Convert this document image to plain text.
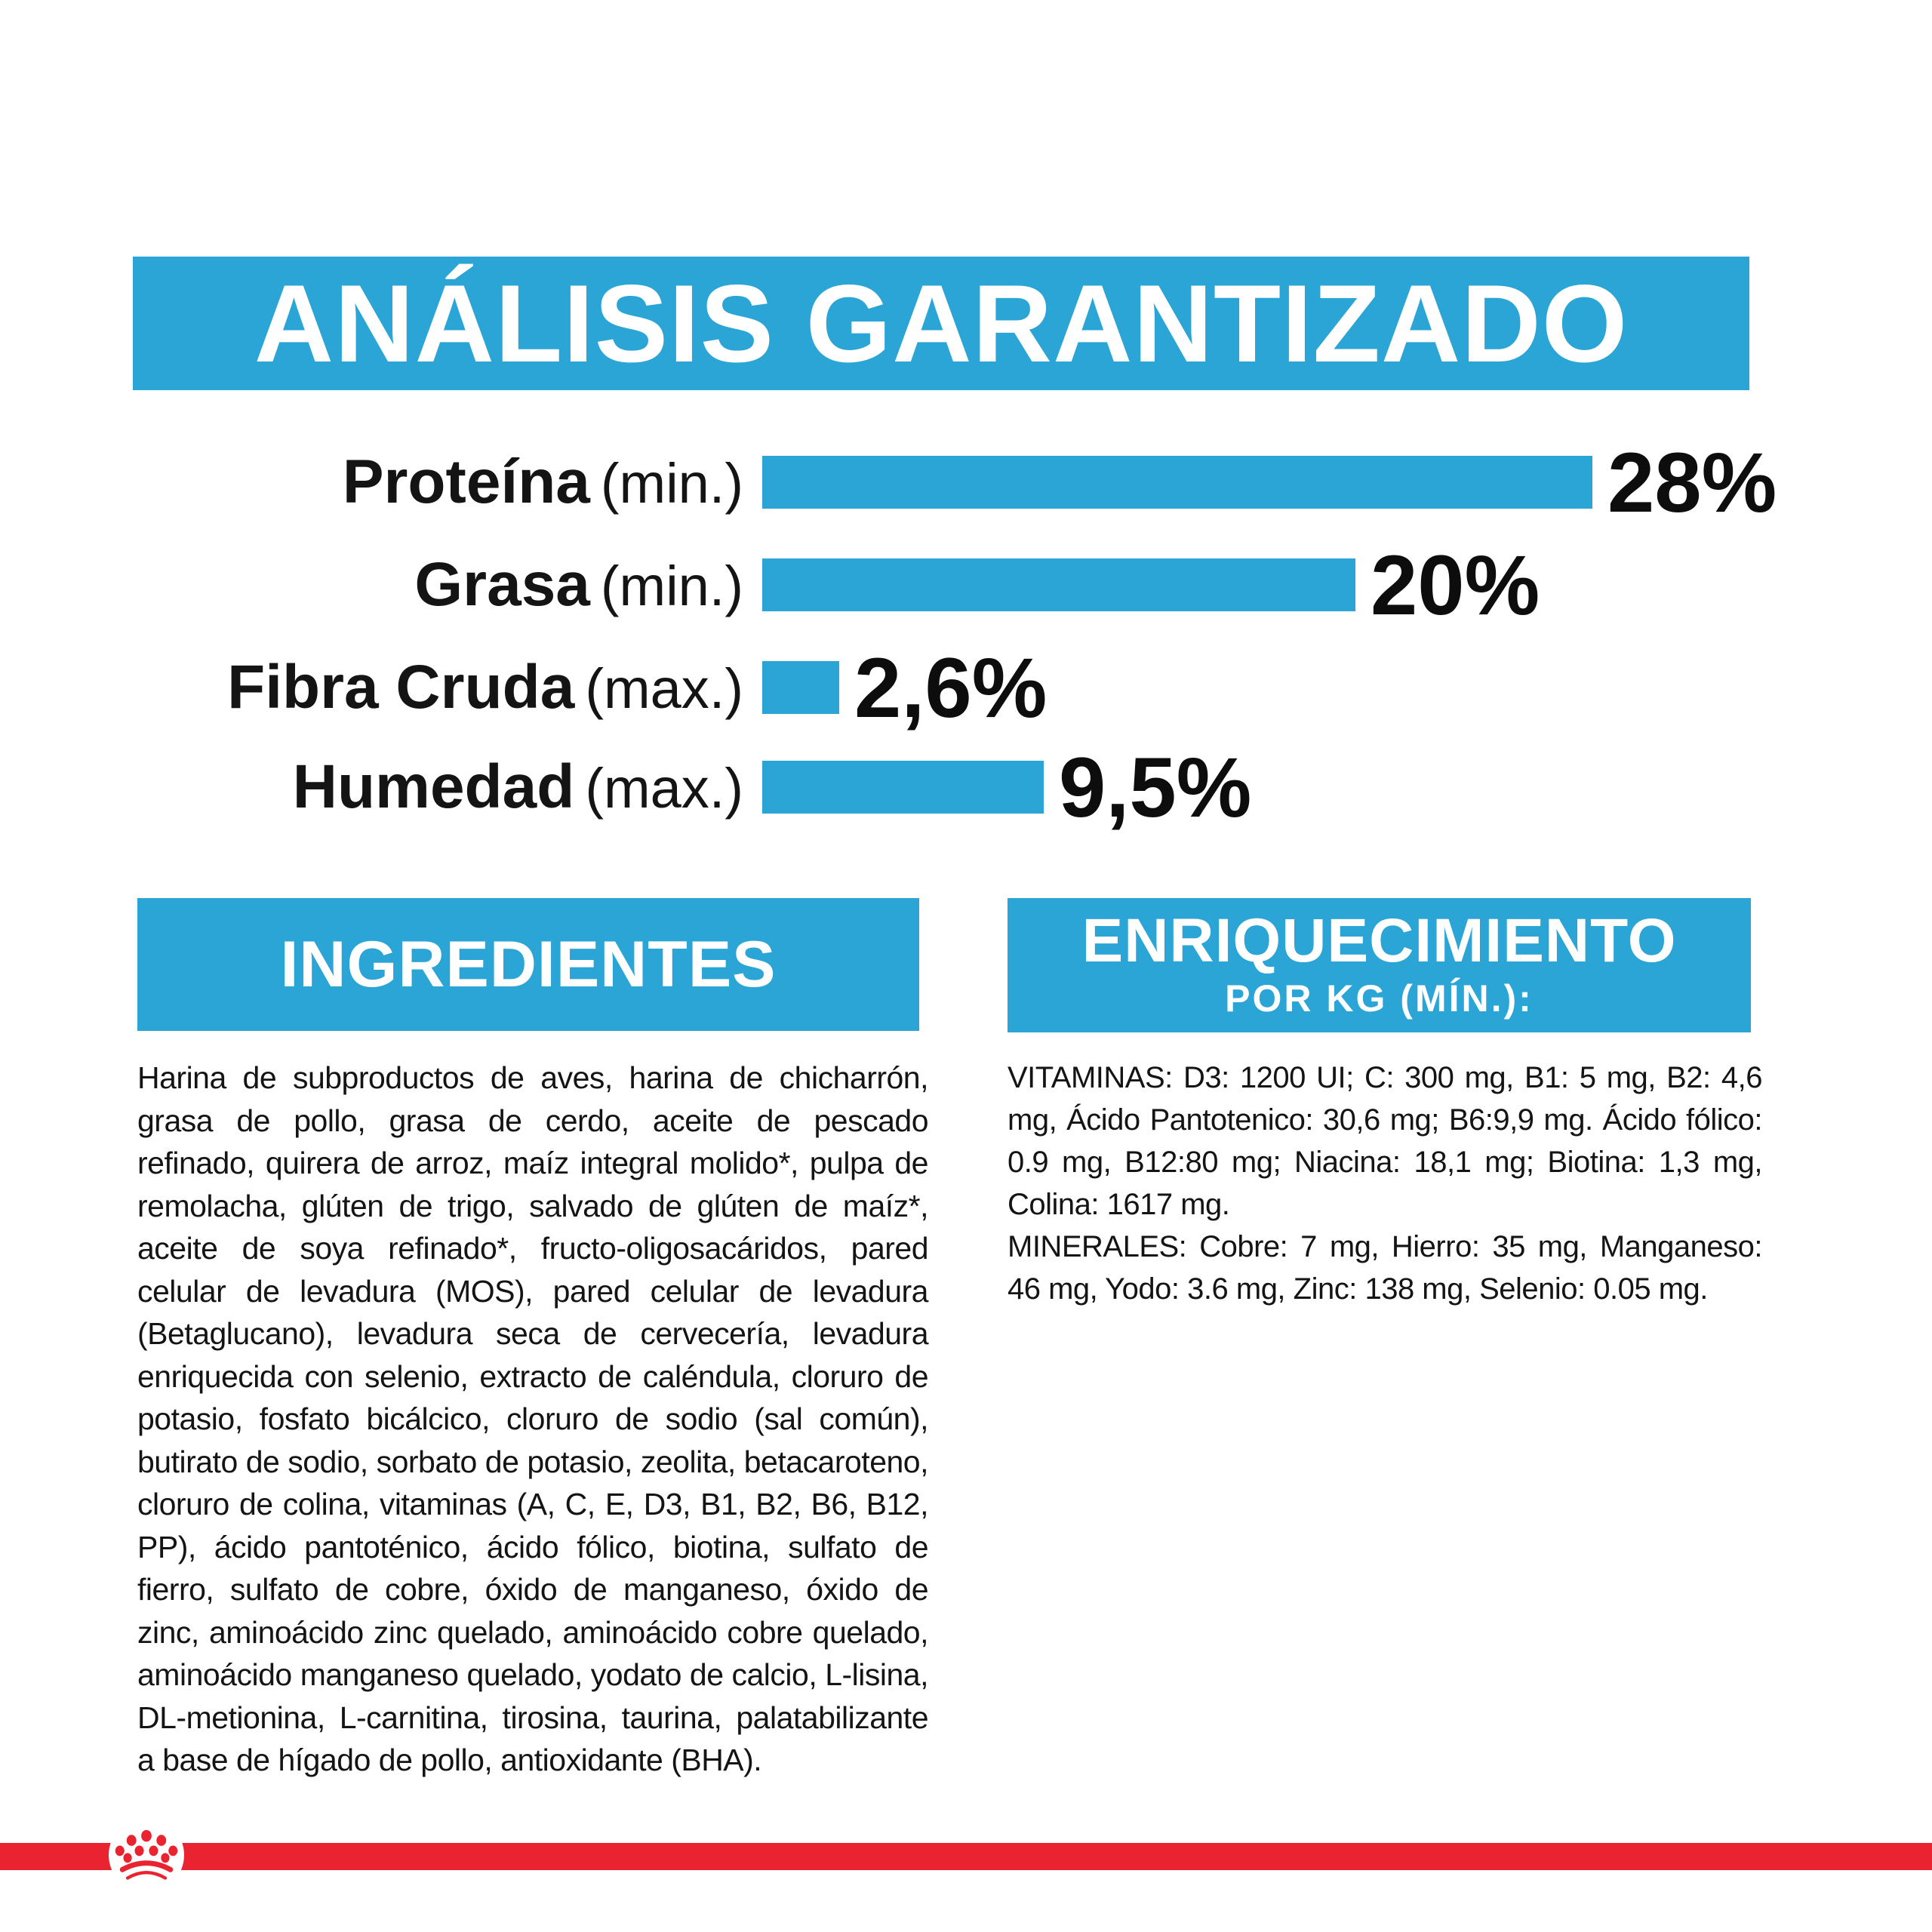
ANÁLISIS GARANTIZADO
Proteína (min.)	28%
Grasa (min.)	20%
Fibra Cruda (max.) 2,6%
Humedad (max.)	9,5%
INGREDIENTES
Harina de subproductos de aves, harina de chicharrón, grasa de pollo, grasa de cerdo, aceite de pescado refinado, quirera de arroz, maíz integral molido*, pulpa de remolacha, glúten de trigo, salvado de glúten de maíz*, aceite de soya refinado*, fructo-oligosacáridos, pared celular de levadura (MOS), pared celular de levadura (Betaglucano), levadura seca de cervecería, levadura enriquecida con selenio, extracto de caléndula, cloruro de potasio, fosfato bicálcico, cloruro de sodio (sal común), butirato de sodio, sorbato de potasio, zeolita, betacaroteno, cloruro de colina, vitaminas (A, C, E, D3, B1, B2, B6, B12, PP), ácido pantoténico, ácido fólico, biotina, sulfato de fierro, sulfato de cobre, óxido de manganeso, óxido de zinc, aminoácido zinc quelado, aminoácido cobre quelado, aminoácido manganeso quelado, yodato de calcio, L-lisina, DL-metionina, L-carnitina, tirosina, taurina, palatabilizante a base de hígado de pollo, antioxidante (BHA).
ENRIQUECIMIENTO
POR KG (MÍN.):

VITAMINAS: D3: 1200 UI; C: 300 mg, B1: 5 mg, B2: 4,6 mg, Ácido Pantotenico: 30,6 mg; B6:9,9 mg. Ácido fólico: 0.9 mg, B12:80 mg; Niacina: 18,1 mg; Biotina: 1,3 mg, Colina: 1617 mg.

MINERALES: Cobre: 7 mg, Hierro: 35 mg, Manganeso: 46 mg, Yodo: 3.6 mg, Zinc: 138 mg, Selenio: 0.05 mg.
